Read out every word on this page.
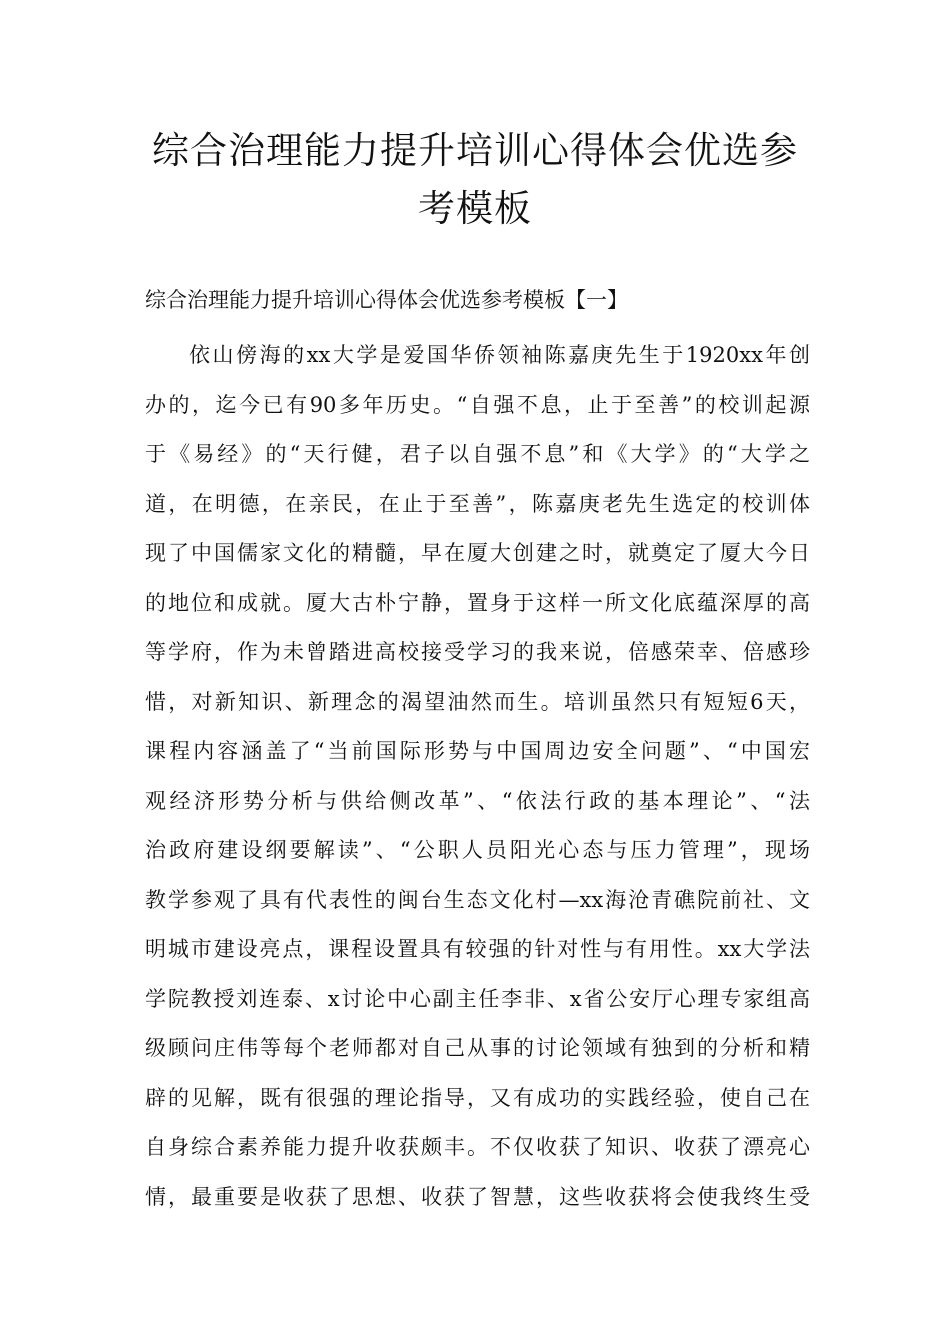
综合治理能力提升培训心得体会优选参
考模板

综合治理能力提升培训心得体会优选参考模板【一】

依山傍海的xx大学是爱国华侨领袖陈嘉庚先生于1920xx年创
办的，迄今已有90多年历史。“自强不息，止于至善”的校训起源
于《易经》的“天行健，君子以自强不息”和《大学》的“大学之
道，在明德，在亲民，在止于至善”，陈嘉庚老先生选定的校训体
现了中国儒家文化的精髓，早在厦大创建之时，就奠定了厦大今日
的地位和成就。厦大古朴宁静，置身于这样一所文化底蕴深厚的高
等学府，作为未曾踏进高校接受学习的我来说，倍感荣幸、倍感珍
惜，对新知识、新理念的渴望油然而生。培训虽然只有短短6天，
课程内容涵盖了“当前国际形势与中国周边安全问题”、“中国宏
观经济形势分析与供给侧改革”、“依法行政的基本理论”、“法
治政府建设纲要解读”、“公职人员阳光心态与压力管理”，现场
教学参观了具有代表性的闽台生态文化村—xx海沧青礁院前社、文
明城市建设亮点，课程设置具有较强的针对性与有用性。xx大学法
学院教授刘连泰、x讨论中心副主任李非、x省公安厅心理专家组高
级顾问庄伟等每个老师都对自己从事的讨论领域有独到的分析和精
辟的见解，既有很强的理论指导，又有成功的实践经验，使自己在
自身综合素养能力提升收获颇丰。不仅收获了知识、收获了漂亮心
情，最重要是收获了思想、收获了智慧，这些收获将会使我终生受
